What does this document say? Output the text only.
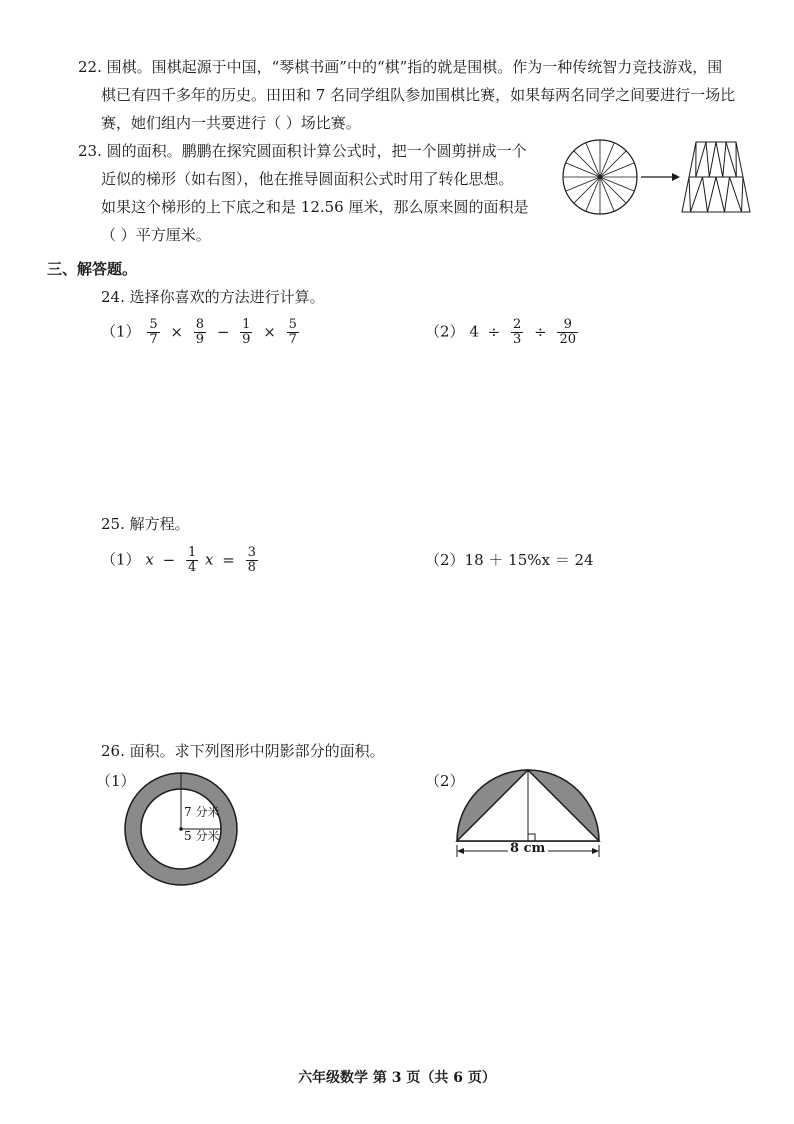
22. 围棋。围棋起源于中国，“琴棋书画”中的“棋”指的就是围棋。作为一种传统智力竞技游戏，围
棋已有四千多年的历史。田田和 7 名同学组队参加围棋比赛，如果每两名同学之间要进行一场比
赛，她们组内一共要进行（ ）场比赛。
23. 圆的面积。鹏鹏在探究圆面积计算公式时，把一个圆剪拼成一个
近似的梯形（如右图），他在推导圆面积公式时用了转化思想。
如果这个梯形的上下底之和是 12.56 厘米，那么原来圆的面积是
（ ）平方厘米。
三、解答题。
24. 选择你喜欢的方法进行计算。
$(1) \frac{5}{7} \times \frac{8}{9} - \frac{1}{9} \times \frac{5}{7}$	（2） $4 \div \frac{2}{3} \div \frac{9}{20}$
25. 解方程。
（1） $x - \frac{1}{4}$ $x = \frac{3}{8}$	（2）18 ＋ 15%x ＝ 24
26. 面积。求下列图形中阴影部分的面积。
（1）	（2）
7 分米
5 分米
8 cm
六年级数学 第 3 页（共 6 页）
